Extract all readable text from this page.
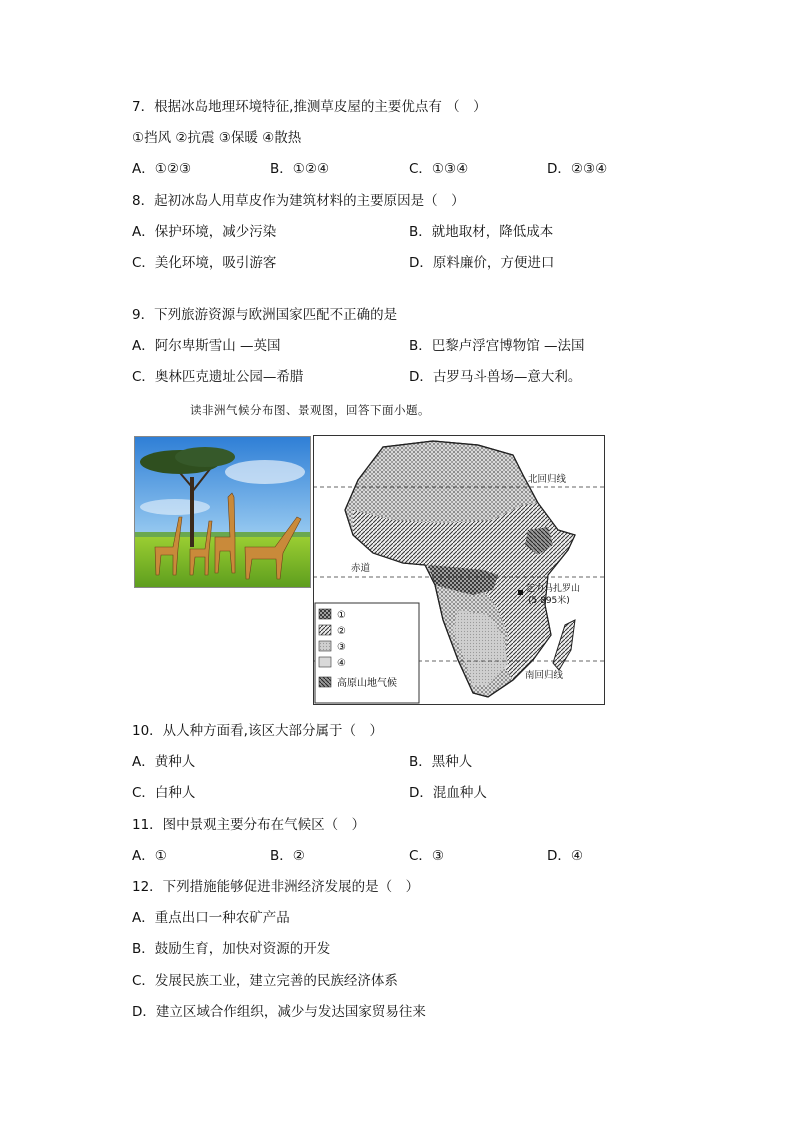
7．根据冰岛地理环境特征,推测草皮屋的主要优点有 （　）
①挡风 ②抗震 ③保暖 ④散热
A．①②③	B．①②④	C．①③④	D．②③④
8．起初冰岛人用草皮作为建筑材料的主要原因是（　）
A．保护环境，减少污染	B．就地取材，降低成本
C．美化环境，吸引游客	D．原料廉价，方便进口
9．下列旅游资源与欧洲国家匹配不正确的是
A．阿尔卑斯雪山 —英国	B．巴黎卢浮宫博物馆 —法国
C．奥林匹克遗址公园—希腊	D．古罗马斗兽场—意大利。
读非洲气候分布图、景观图，回答下面小题。
北回归线
赤道
乞力马扎罗山
(5 895米)
南回归线
①
②
③
④
高原山地气候
10．从人种方面看,该区大部分属于（　）
A．黄种人	B．黑种人
C．白种人	D．混血种人
11．图中景观主要分布在气候区（　）
A．①	B．②	C．③	D．④
12．下列措施能够促进非洲经济发展的是（　）
A．重点出口一种农矿产品
B．鼓励生育，加快对资源的开发
C．发展民族工业，建立完善的民族经济体系
D．建立区域合作组织，减少与发达国家贸易往来
